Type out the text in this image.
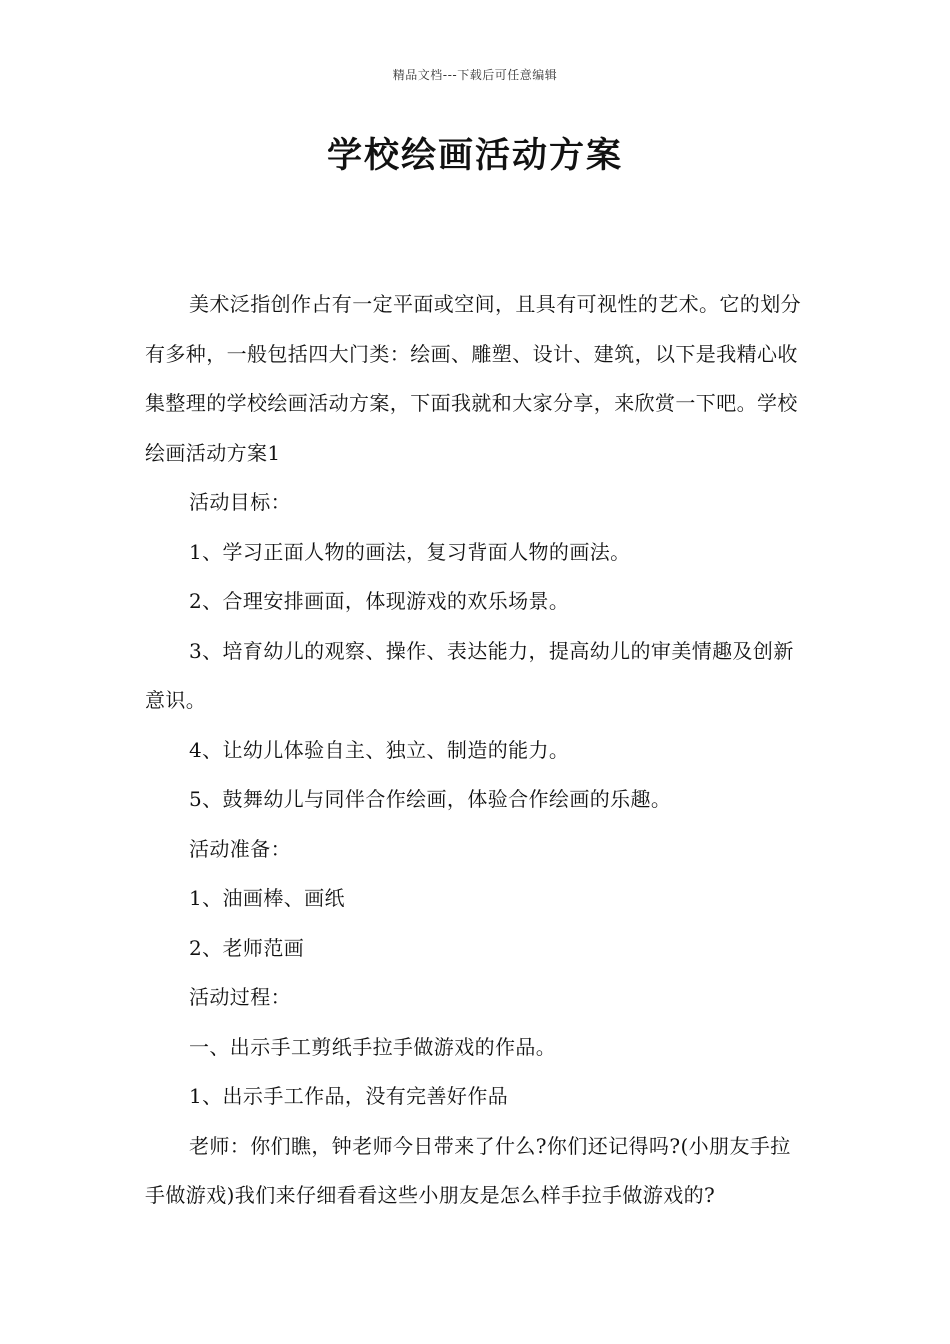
精品文档---下载后可任意编辑
学校绘画活动方案

美术泛指创作占有一定平面或空间，且具有可视性的艺术。它的划分有多种，一般包括四大门类：绘画、雕塑、设计、建筑，以下是我精心收集整理的学校绘画活动方案，下面我就和大家分享，来欣赏一下吧。学校绘画活动方案1

活动目标：

1、学习正面人物的画法，复习背面人物的画法。

2、合理安排画面，体现游戏的欢乐场景。

3、培育幼儿的观察、操作、表达能力，提高幼儿的审美情趣及创新意识。

4、让幼儿体验自主、独立、制造的能力。

5、鼓舞幼儿与同伴合作绘画，体验合作绘画的乐趣。

活动准备：

1、油画棒、画纸

2、老师范画

活动过程：

一、出示手工剪纸手拉手做游戏的作品。

1、出示手工作品，没有完善好作品

老师：你们瞧，钟老师今日带来了什么?你们还记得吗?(小朋友手拉手做游戏)我们来仔细看看这些小朋友是怎么样手拉手做游戏的?
